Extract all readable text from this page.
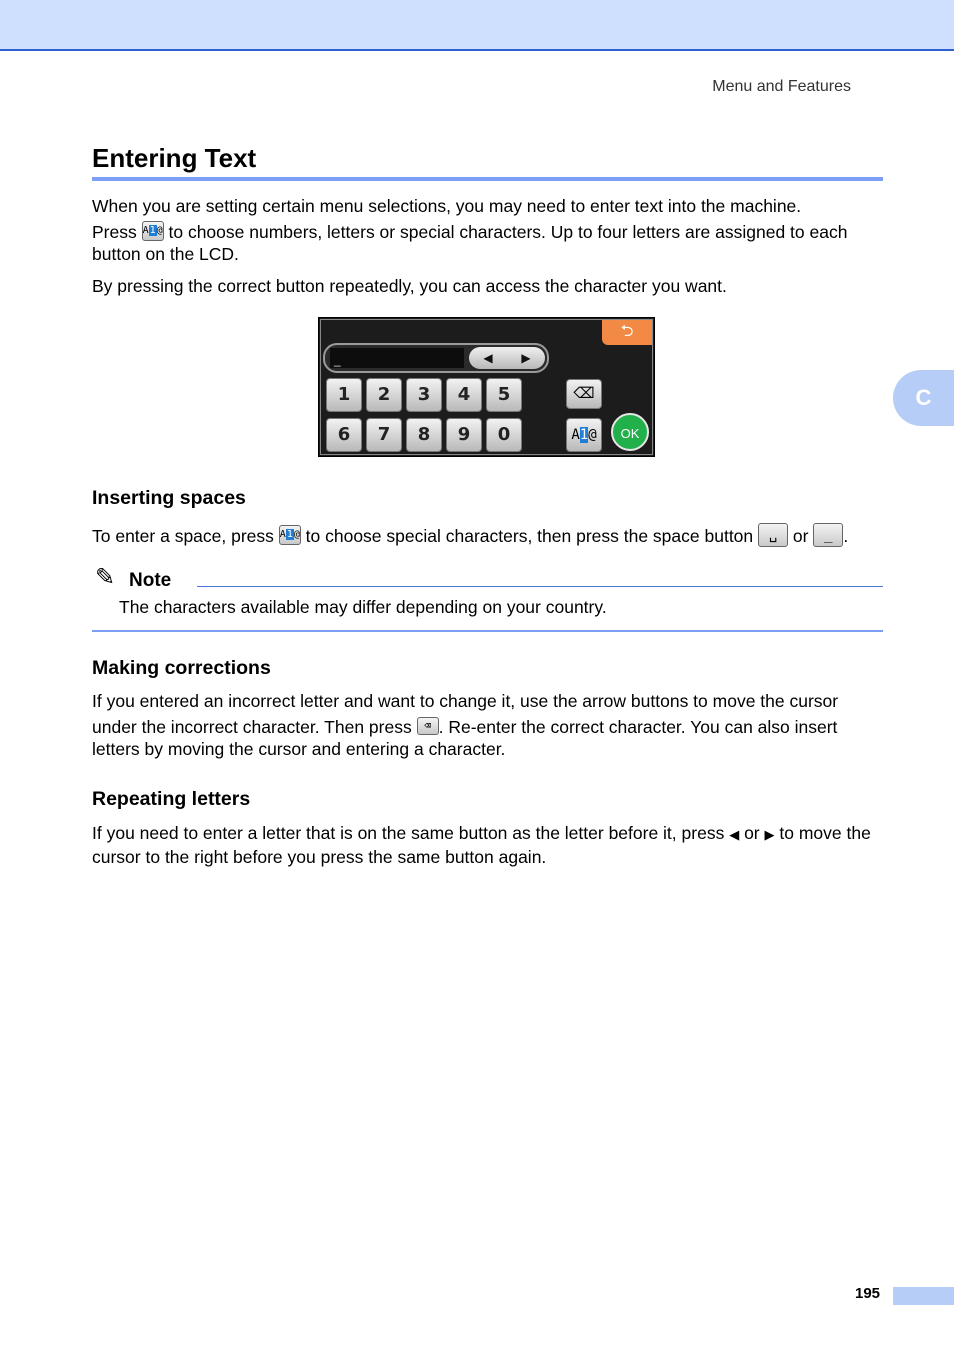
Menu and Features
C
Entering Text

When you are setting certain menu selections, you may need to enter text into the machine.

Press A1@ to choose numbers, letters or special characters. Up to four letters are assigned to each button on the LCD.

By pressing the correct button repeatedly, you can access the character you want.

⮌
_	◀ ▶
1	2	3	4	5
6	7	8	9	0
⌫
A1@	OK
Inserting spaces

To enter a space, press A1@ to choose special characters, then press the space button ␣ or _ .

✎ Note
The characters available may differ depending on your country.
Making corrections

If you entered an incorrect letter and want to change it, use the arrow buttons to move the cursor

under the incorrect character. Then press ⌫ . Re-enter the correct character. You can also insert letters by moving the cursor and entering a character.

Repeating letters

If you need to enter a letter that is on the same button as the letter before it, press ◀ or ▶ to move the cursor to the right before you press the same button again.

195
